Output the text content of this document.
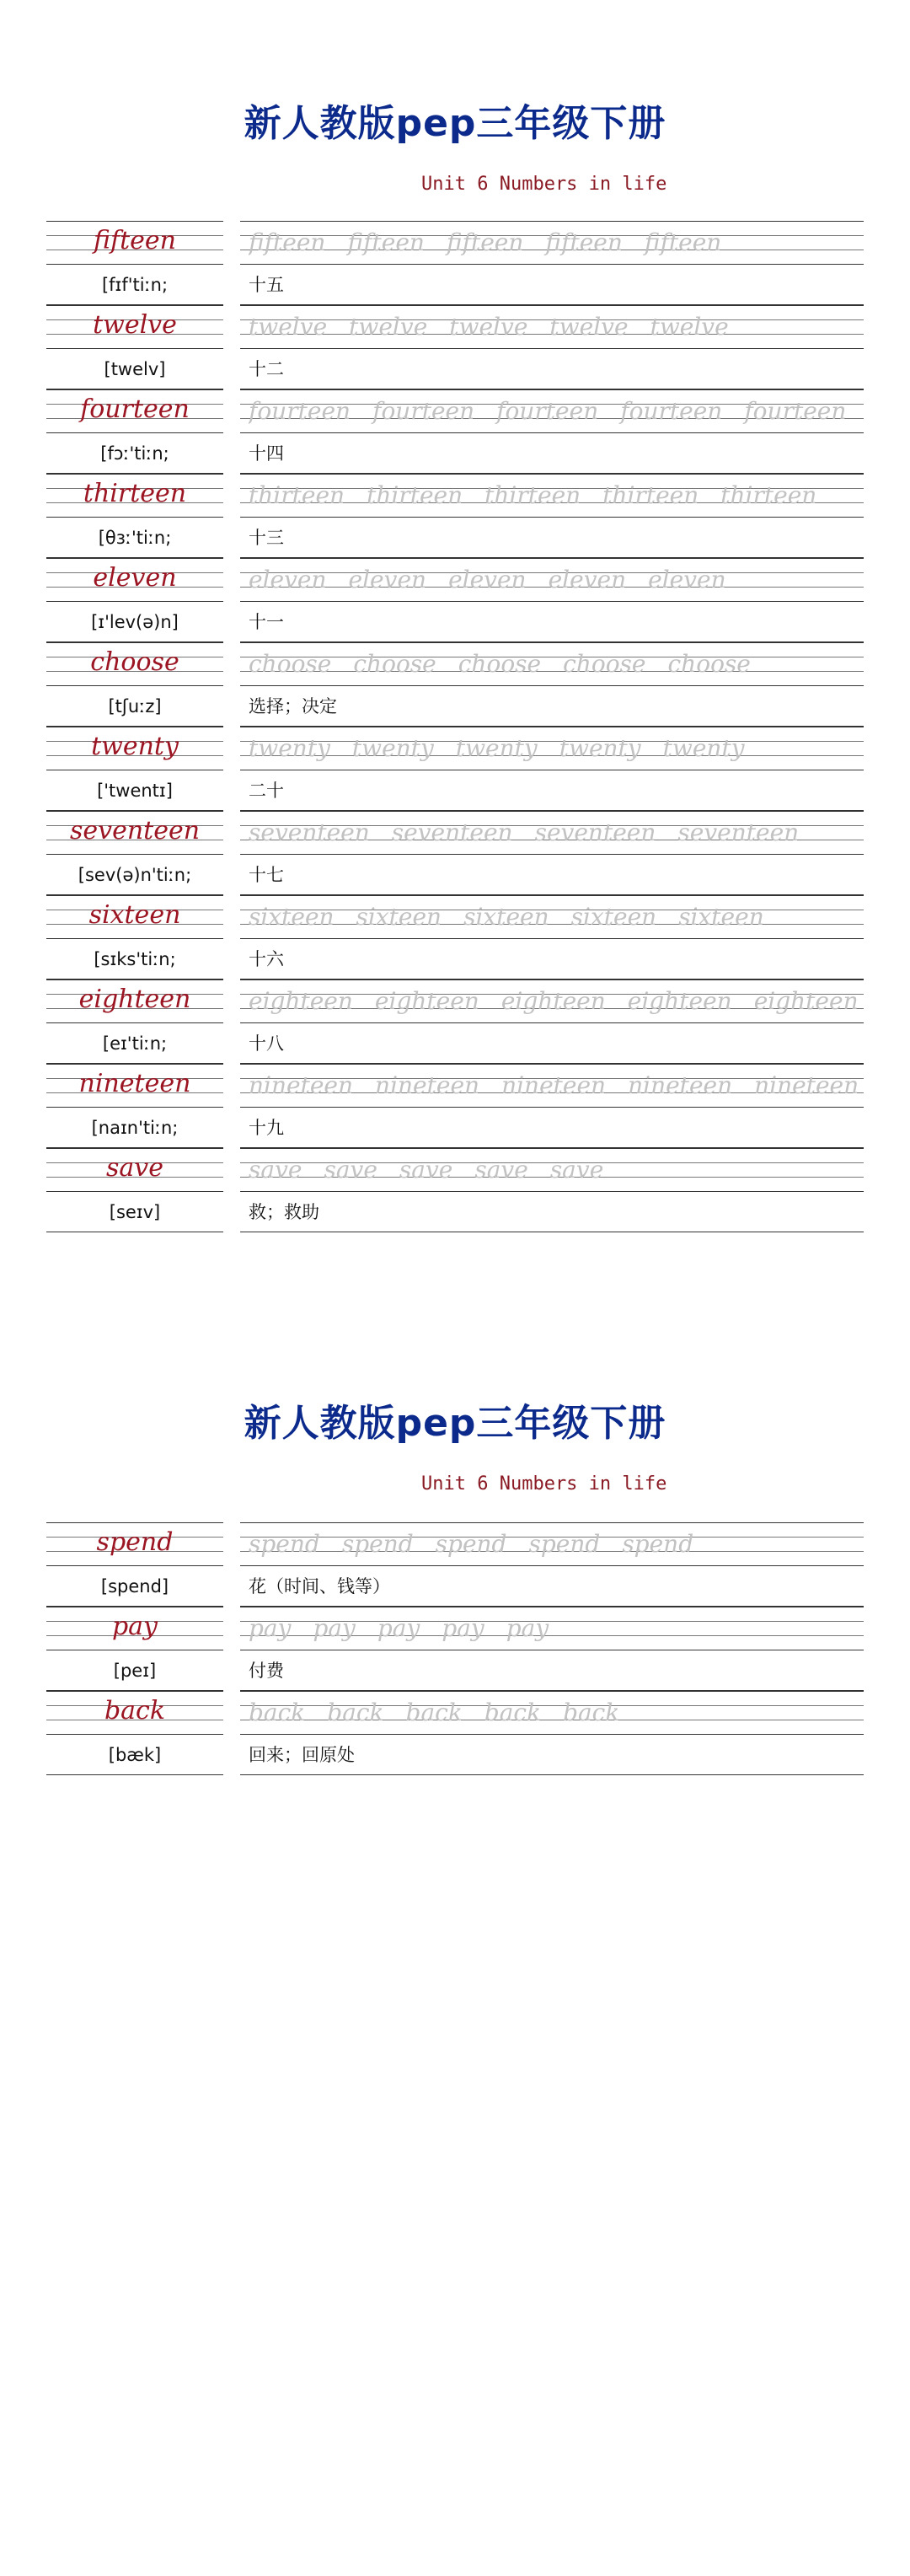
新人教版pep三年级下册
Unit 6 Numbers in life
fifteen	fifteen fifteen fifteen fifteen fifteen
[fɪf'tiːn;	十五
twelve	twelve twelve twelve twelve twelve
[twelv]	十二
fourteen	fourteen fourteen fourteen fourteen fourteen
[fɔː'tiːn;	十四
thirteen	thirteen thirteen thirteen thirteen thirteen
[θɜː'tiːn;	十三
eleven	eleven eleven eleven eleven eleven
[ɪ'lev(ə)n]	十一
choose	choose choose choose choose choose
[tʃuːz]	选择；决定
twenty	twenty twenty twenty twenty twenty
['twentɪ]	二十
seventeen	seventeen seventeen seventeen seventeen
[sev(ə)n'tiːn;	十七
sixteen	sixteen sixteen sixteen sixteen sixteen
[sɪks'tiːn;	十六
eighteen	eighteen eighteen eighteen eighteen eighteen
[eɪ'tiːn;	十八
nineteen	nineteen nineteen nineteen nineteen nineteen
[naɪn'tiːn;	十九
save	save save save save save
[seɪv]	救；救助
新人教版pep三年级下册
Unit 6 Numbers in life
spend	spend spend spend spend spend
[spend]	花（时间、钱等）
pay	pay pay pay pay pay
[peɪ]	付费
back	back back back back back
[bæk]	回来；回原处
